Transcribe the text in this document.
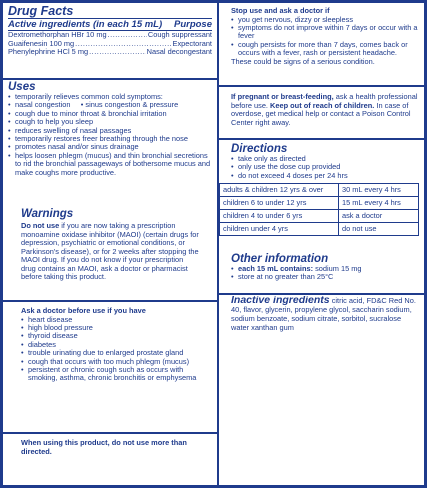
Drug Facts
Active ingredients (in each 15 mL) Purpose
Dextromethorphan HBr 10 mg .....	Cough suppressant
Guaifenesin 100 mg .....	Expectorant
Phenylephrine HCl 5 mg .....	Nasal decongestant
Uses
• temporarily relieves common cold symptoms:
• nasal congestion     • sinus congestion & pressure
• cough due to minor throat & bronchial irritation
• cough to help you sleep
• reduces swelling of nasal passages
• temporarily restores freer breathing through the nose
• promotes nasal and/or sinus drainage
• helps loosen phlegm (mucus) and thin bronchial secretions to rid the bronchial passageways of bothersome mucus and make coughs more productive.
Warnings
Do not use if you are now taking a prescription monoamine oxidase inhibitor (MAOI) (certain drugs for depression, psychiatric or emotional conditions, or Parkinson's disease), or for 2 weeks after stopping the MAOI drug. If you do not know if your prescription drug contains an MAOI, ask a doctor or pharmacist before taking this product.
Ask a doctor before use if you have
• heart disease
• high blood pressure
• thyroid disease
• diabetes
• trouble urinating due to enlarged prostate gland
• cough that occurs with too much phlegm (mucus)
• persistent or chronic cough such as occurs with smoking, asthma, chronic bronchitis or emphysema
When using this product, do not use more than directed.
Stop use and ask a doctor if
• you get nervous, dizzy or sleepless
• symptoms do not improve within 7 days or occur with a fever
• cough persists for more than 7 days, comes back or occurs with a fever, rash or persistent headache.
These could be signs of a serious condition.
If pregnant or breast-feeding, ask a health professional before use. Keep out of reach of children. In case of overdose, get medical help or contact a Poison Control Center right away.
Directions
• take only as directed
• only use the dose cup provided
• do not exceed 4 doses per 24 hrs
adults & children 12 yrs & over	30 mL every 4 hrs
children 6 to under 12 yrs	15 mL every 4 hrs
children 4 to under 6 yrs	ask a doctor
children under 4 yrs	do not use
Other information
• each 15 mL contains: sodium 15 mg
• store at no greater than 25°C
Inactive ingredients citric acid, FD&C Red No. 40, flavor, glycerin, propylene glycol, saccharin sodium, sodium benzoate, sodium citrate, sorbitol, sucralose water xanthan gum
